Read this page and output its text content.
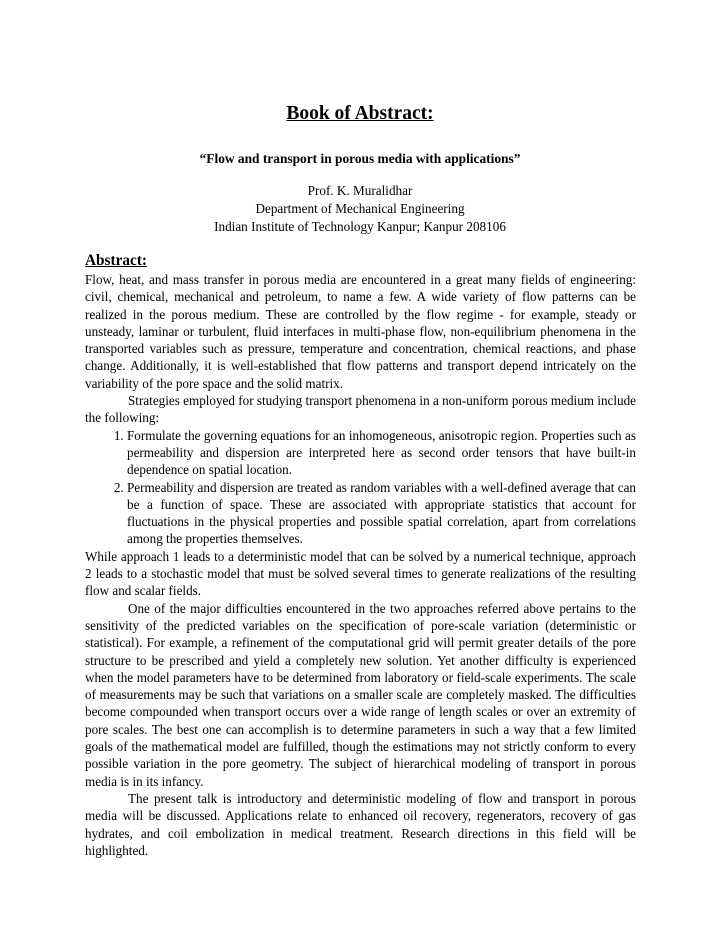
Book of Abstract:
“Flow and transport in porous media with applications”
Prof. K. Muralidhar
Department of Mechanical Engineering
Indian Institute of Technology Kanpur; Kanpur 208106
Abstract:

Flow, heat, and mass transfer in porous media are encountered in a great many fields of engineering: civil, chemical, mechanical and petroleum, to name a few. A wide variety of flow patterns can be realized in the porous medium. These are controlled by the flow regime - for example, steady or unsteady, laminar or turbulent, fluid interfaces in multi-phase flow, non-equilibrium phenomena in the transported variables such as pressure, temperature and concentration, chemical reactions, and phase change. Additionally, it is well-established that flow patterns and transport depend intricately on the variability of the pore space and the solid matrix.

Strategies employed for studying transport phenomena in a non-uniform porous medium include the following:

1. Formulate the governing equations for an inhomogeneous, anisotropic region. Properties such as permeability and dispersion are interpreted here as second order tensors that have built-in dependence on spatial location.
2. Permeability and dispersion are treated as random variables with a well-defined average that can be a function of space. These are associated with appropriate statistics that account for fluctuations in the physical properties and possible spatial correlation, apart from correlations among the properties themselves.

While approach 1 leads to a deterministic model that can be solved by a numerical technique, approach 2 leads to a stochastic model that must be solved several times to generate realizations of the resulting flow and scalar fields.

One of the major difficulties encountered in the two approaches referred above pertains to the sensitivity of the predicted variables on the specification of pore-scale variation (deterministic or statistical). For example, a refinement of the computational grid will permit greater details of the pore structure to be prescribed and yield a completely new solution. Yet another difficulty is experienced when the model parameters have to be determined from laboratory or field-scale experiments. The scale of measurements may be such that variations on a smaller scale are completely masked. The difficulties become compounded when transport occurs over a wide range of length scales or over an extremity of pore scales. The best one can accomplish is to determine parameters in such a way that a few limited goals of the mathematical model are fulfilled, though the estimations may not strictly conform to every possible variation in the pore geometry. The subject of hierarchical modeling of transport in porous media is in its infancy.

The present talk is introductory and deterministic modeling of flow and transport in porous media will be discussed. Applications relate to enhanced oil recovery, regenerators, recovery of gas hydrates, and coil embolization in medical treatment. Research directions in this field will be highlighted.
